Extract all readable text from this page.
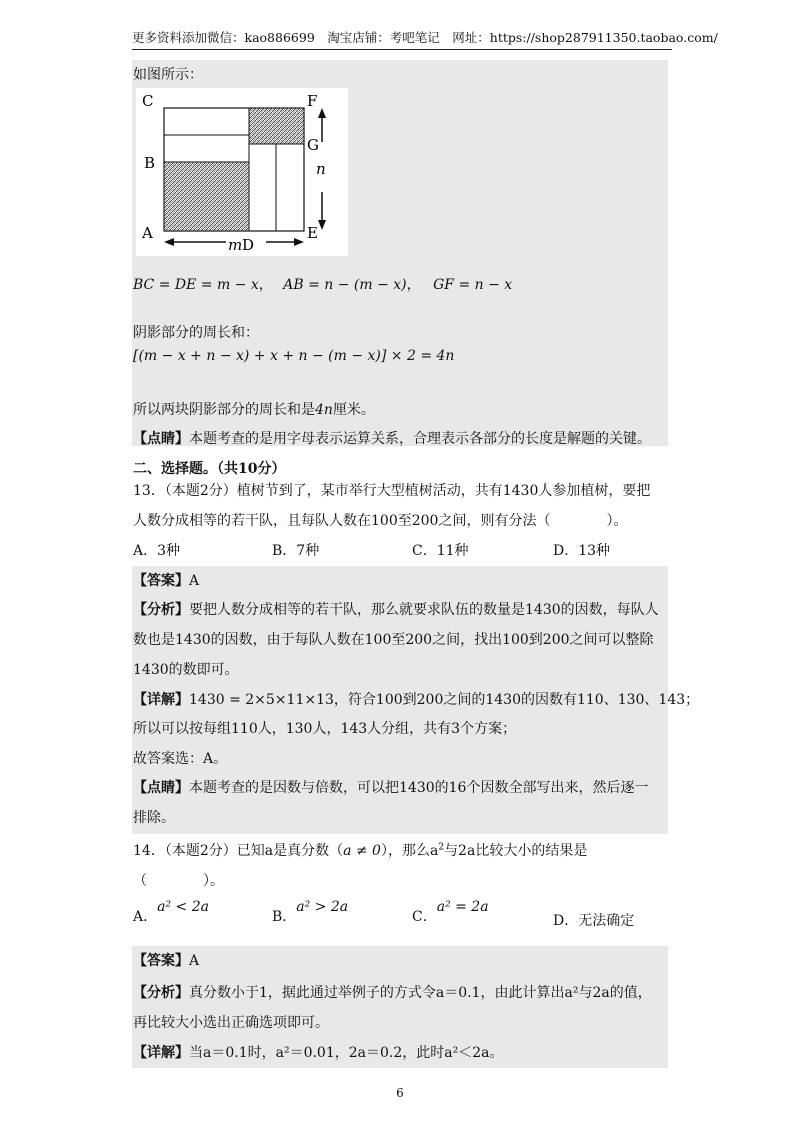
更多资料添加微信：kao886699　淘宝店铺：考吧笔记　网址：https://shop287911350.taobao.com/
如图所示：
C
B
A
F
G
E
D
m
n
BC = DE = m − x， AB = n − (m − x)， GF = n − x
阴影部分的周长和：
[(m − x + n − x) + x + n − (m − x)] × 2 = 4n
所以两块阴影部分的周长和是4n厘米。
【点睛】本题考查的是用字母表示运算关系，合理表示各部分的长度是解题的关键。
二、选择题。（共10分）
13．（本题2分）植树节到了，某市举行大型植树活动，共有1430人参加植树，要把
人数分成相等的若干队，且每队人数在100至200之间，则有分法（　　　　）。
A．3种	B．7种	C．11种	D．13种
【答案】A
【分析】要把人数分成相等的若干队，那么就要求队伍的数量是1430的因数，每队人
数也是1430的因数，由于每队人数在100至200之间，找出100到200之间可以整除
1430的数即可。
【详解】1430 = 2×5×11×13，符合100到200之间的1430的因数有110、130、143；
所以可以按每组110人，130人，143人分组，共有3个方案；
故答案选：A。
【点睛】本题考查的是因数与倍数，可以把1430的16个因数全部写出来，然后逐一
排除。
14．（本题2分）已知a是真分数（a ≠ 0），那么$a^2$与2a比较大小的结果是
（　　　　）。
A．a² < 2a
B．a² > 2a
C．a² = 2a
D．无法确定
【答案】A
【分析】真分数小于1，据此通过举例子的方式令a＝0.1，由此计算出a²与2a的值，
再比较大小选出正确选项即可。
【详解】当a＝0.1时，a²＝0.01，2a＝0.2，此时a²＜2a。
6
